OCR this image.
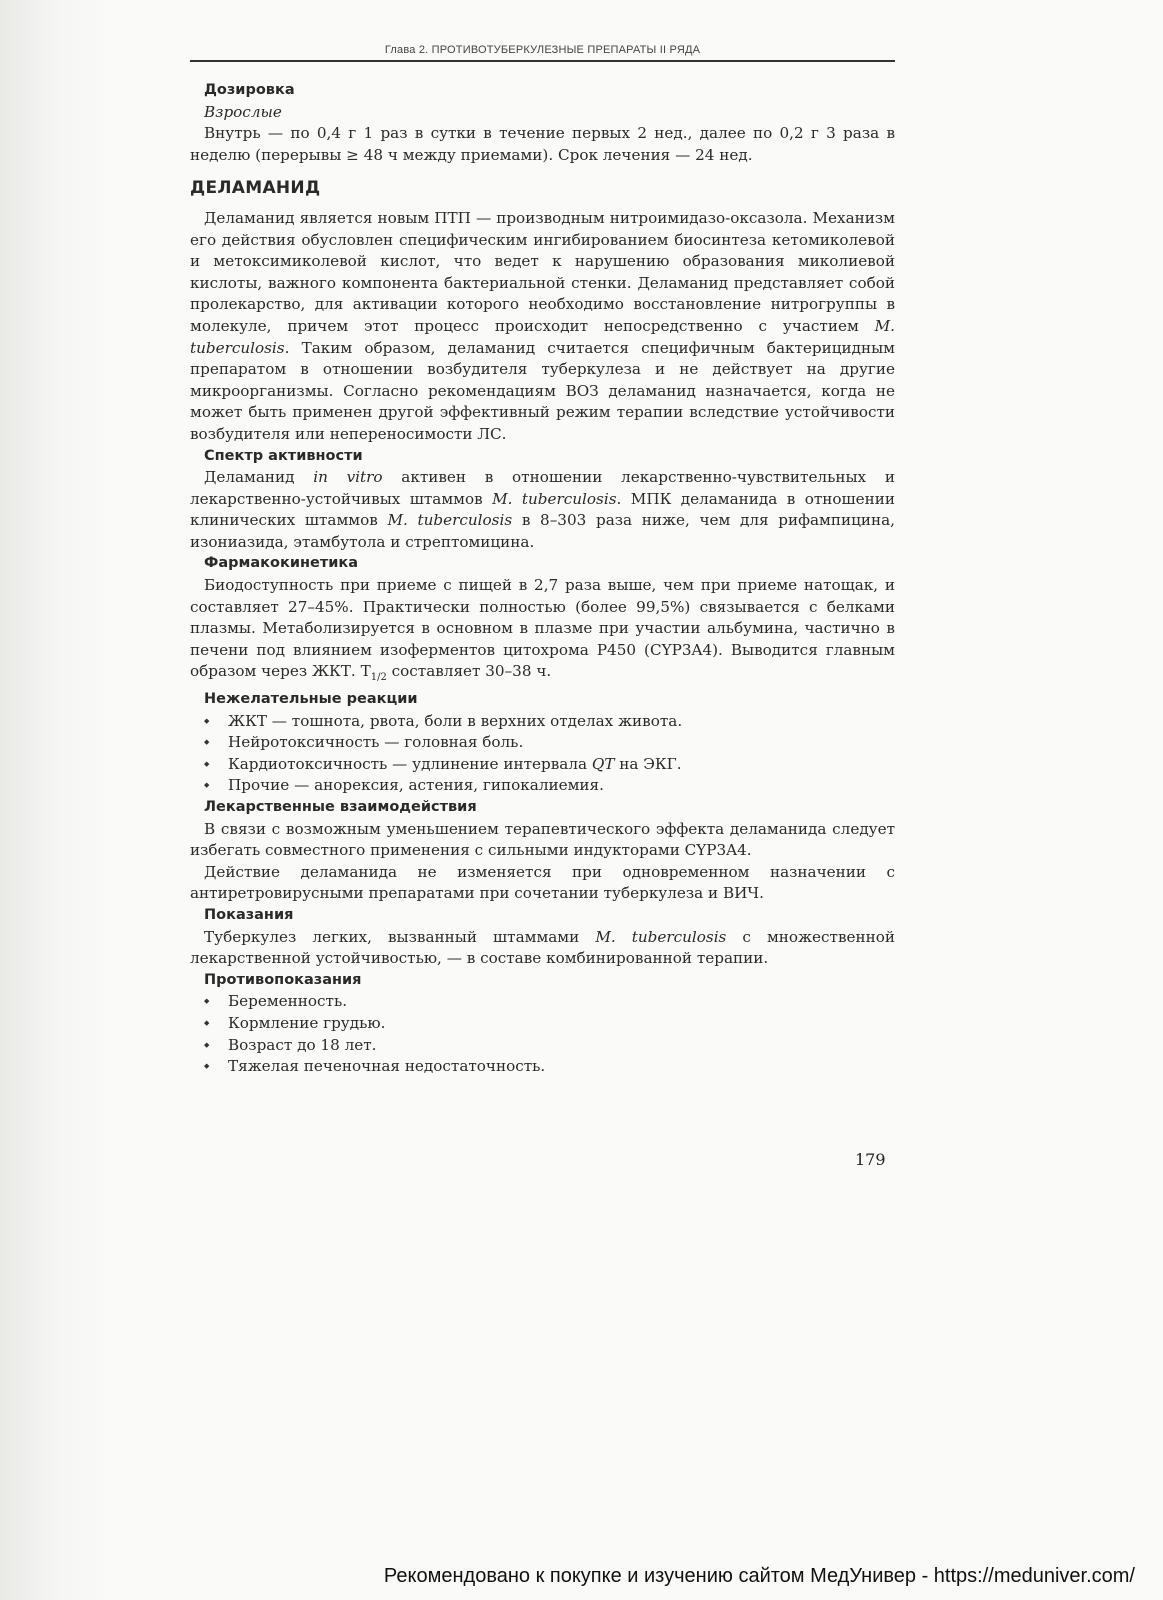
Глава 2. ПРОТИВОТУБЕРКУЛЕЗНЫЕ ПРЕПАРАТЫ II РЯДА

Дозировка

Взрослые

Внутрь — по 0,4 г 1 раз в сутки в течение первых 2 нед., далее по 0,2 г 3 раза в неделю (перерывы ≥ 48 ч между приемами). Срок лечения — 24 нед.

ДЕЛАМАНИД

Деламанид является новым ПТП — производным нитроимидазо-оксазола. Механизм его действия обусловлен специфическим ингибированием биосинтеза кетомиколевой и метоксимиколевой кислот, что ведет к нарушению образования миколиевой кислоты, важного компонента бактериальной стенки. Деламанид представляет собой пролекарство, для активации которого необходимо восстановление нитрогруппы в молекуле, причем этот процесс происходит непосредственно с участием M. tuberculosis. Таким образом, деламанид считается специфичным бактерицидным препаратом в отношении возбудителя туберкулеза и не действует на другие микроорганизмы. Согласно рекомендациям ВОЗ деламанид назначается, когда не может быть применен другой эффективный режим терапии вследствие устойчивости возбудителя или непереносимости ЛС.

Спектр активности

Деламанид in vitro активен в отношении лекарственно-чувствительных и лекарственно-устойчивых штаммов M. tuberculosis. МПК деламанида в отношении клинических штаммов M. tuberculosis в 8–303 раза ниже, чем для рифампицина, изониазида, этамбутола и стрептомицина.

Фармакокинетика

Биодоступность при приеме с пищей в 2,7 раза выше, чем при приеме натощак, и составляет 27–45%. Практически полностью (более 99,5%) связывается с белками плазмы. Метаболизируется в основном в плазме при участии альбумина, частично в печени под влиянием изоферментов цитохрома Р450 (CYP3A4). Выводится главным образом через ЖКТ. $Т_{1/2}$ составляет 30–38 ч.

Нежелательные реакции

◆ ЖКТ — тошнота, рвота, боли в верхних отделах живота.
◆ Нейротоксичность — головная боль.
◆ Кардиотоксичность — удлинение интервала QT на ЭКГ.
◆ Прочие — анорексия, астения, гипокалиемия.

Лекарственные взаимодействия

В связи с возможным уменьшением терапевтического эффекта деламанида следует избегать совместного применения с сильными индукторами CYP3A4.

Действие деламанида не изменяется при одновременном назначении с антиретровирусными препаратами при сочетании туберкулеза и ВИЧ.

Показания

Туберкулез легких, вызванный штаммами M. tuberculosis с множественной лекарственной устойчивостью, — в составе комбинированной терапии.

Противопоказания

◆ Беременность.
◆ Кормление грудью.
◆ Возраст до 18 лет.
◆ Тяжелая печеночная недостаточность.
179
Рекомендовано к покупке и изучению сайтом МедУнивер - https://meduniver.com/
